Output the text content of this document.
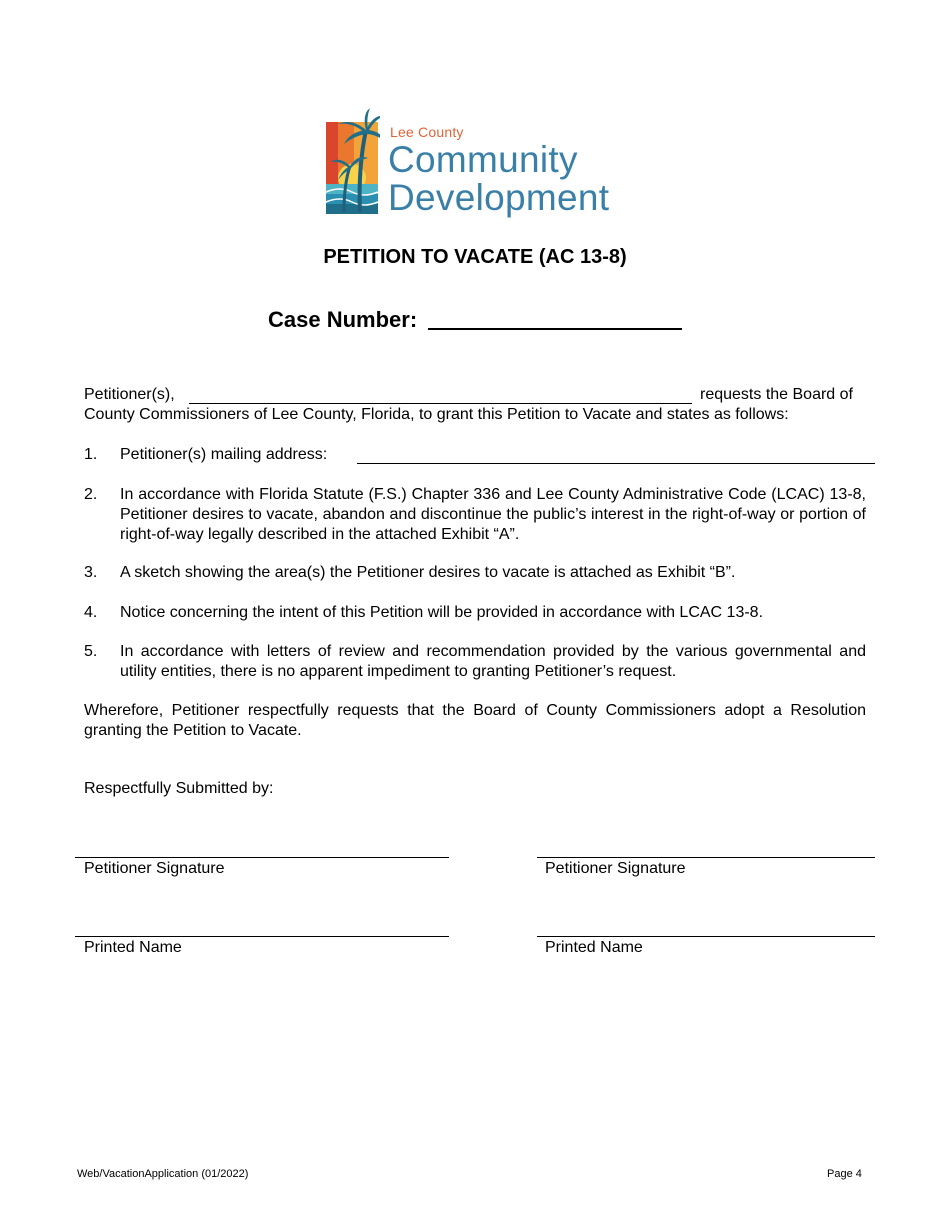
Lee County
Community
Development
PETITION TO VACATE (AC 13-8)
Case Number:
Petitioner(s),	requests the Board of
County Commissioners of Lee County, Florida, to grant this Petition to Vacate and states as follows:
1. Petitioner(s) mailing address:
2. In accordance with Florida Statute (F.S.) Chapter 336 and Lee County Administrative Code (LCAC) 13-8, Petitioner desires to vacate, abandon and discontinue the public’s interest in the right-of-way or portion of right-of-way legally described in the attached Exhibit “A”.
3. A sketch showing the area(s) the Petitioner desires to vacate is attached as Exhibit “B”.
4. Notice concerning the intent of this Petition will be provided in accordance with LCAC 13-8.
5. In accordance with letters of review and recommendation provided by the various governmental and utility entities, there is no apparent impediment to granting Petitioner’s request.
Wherefore, Petitioner respectfully requests that the Board of County Commissioners adopt a Resolution granting the Petition to Vacate.
Respectfully Submitted by:
Petitioner Signature	Petitioner Signature
Printed Name	Printed Name
Web/VacationApplication (01/2022)	Page 4
